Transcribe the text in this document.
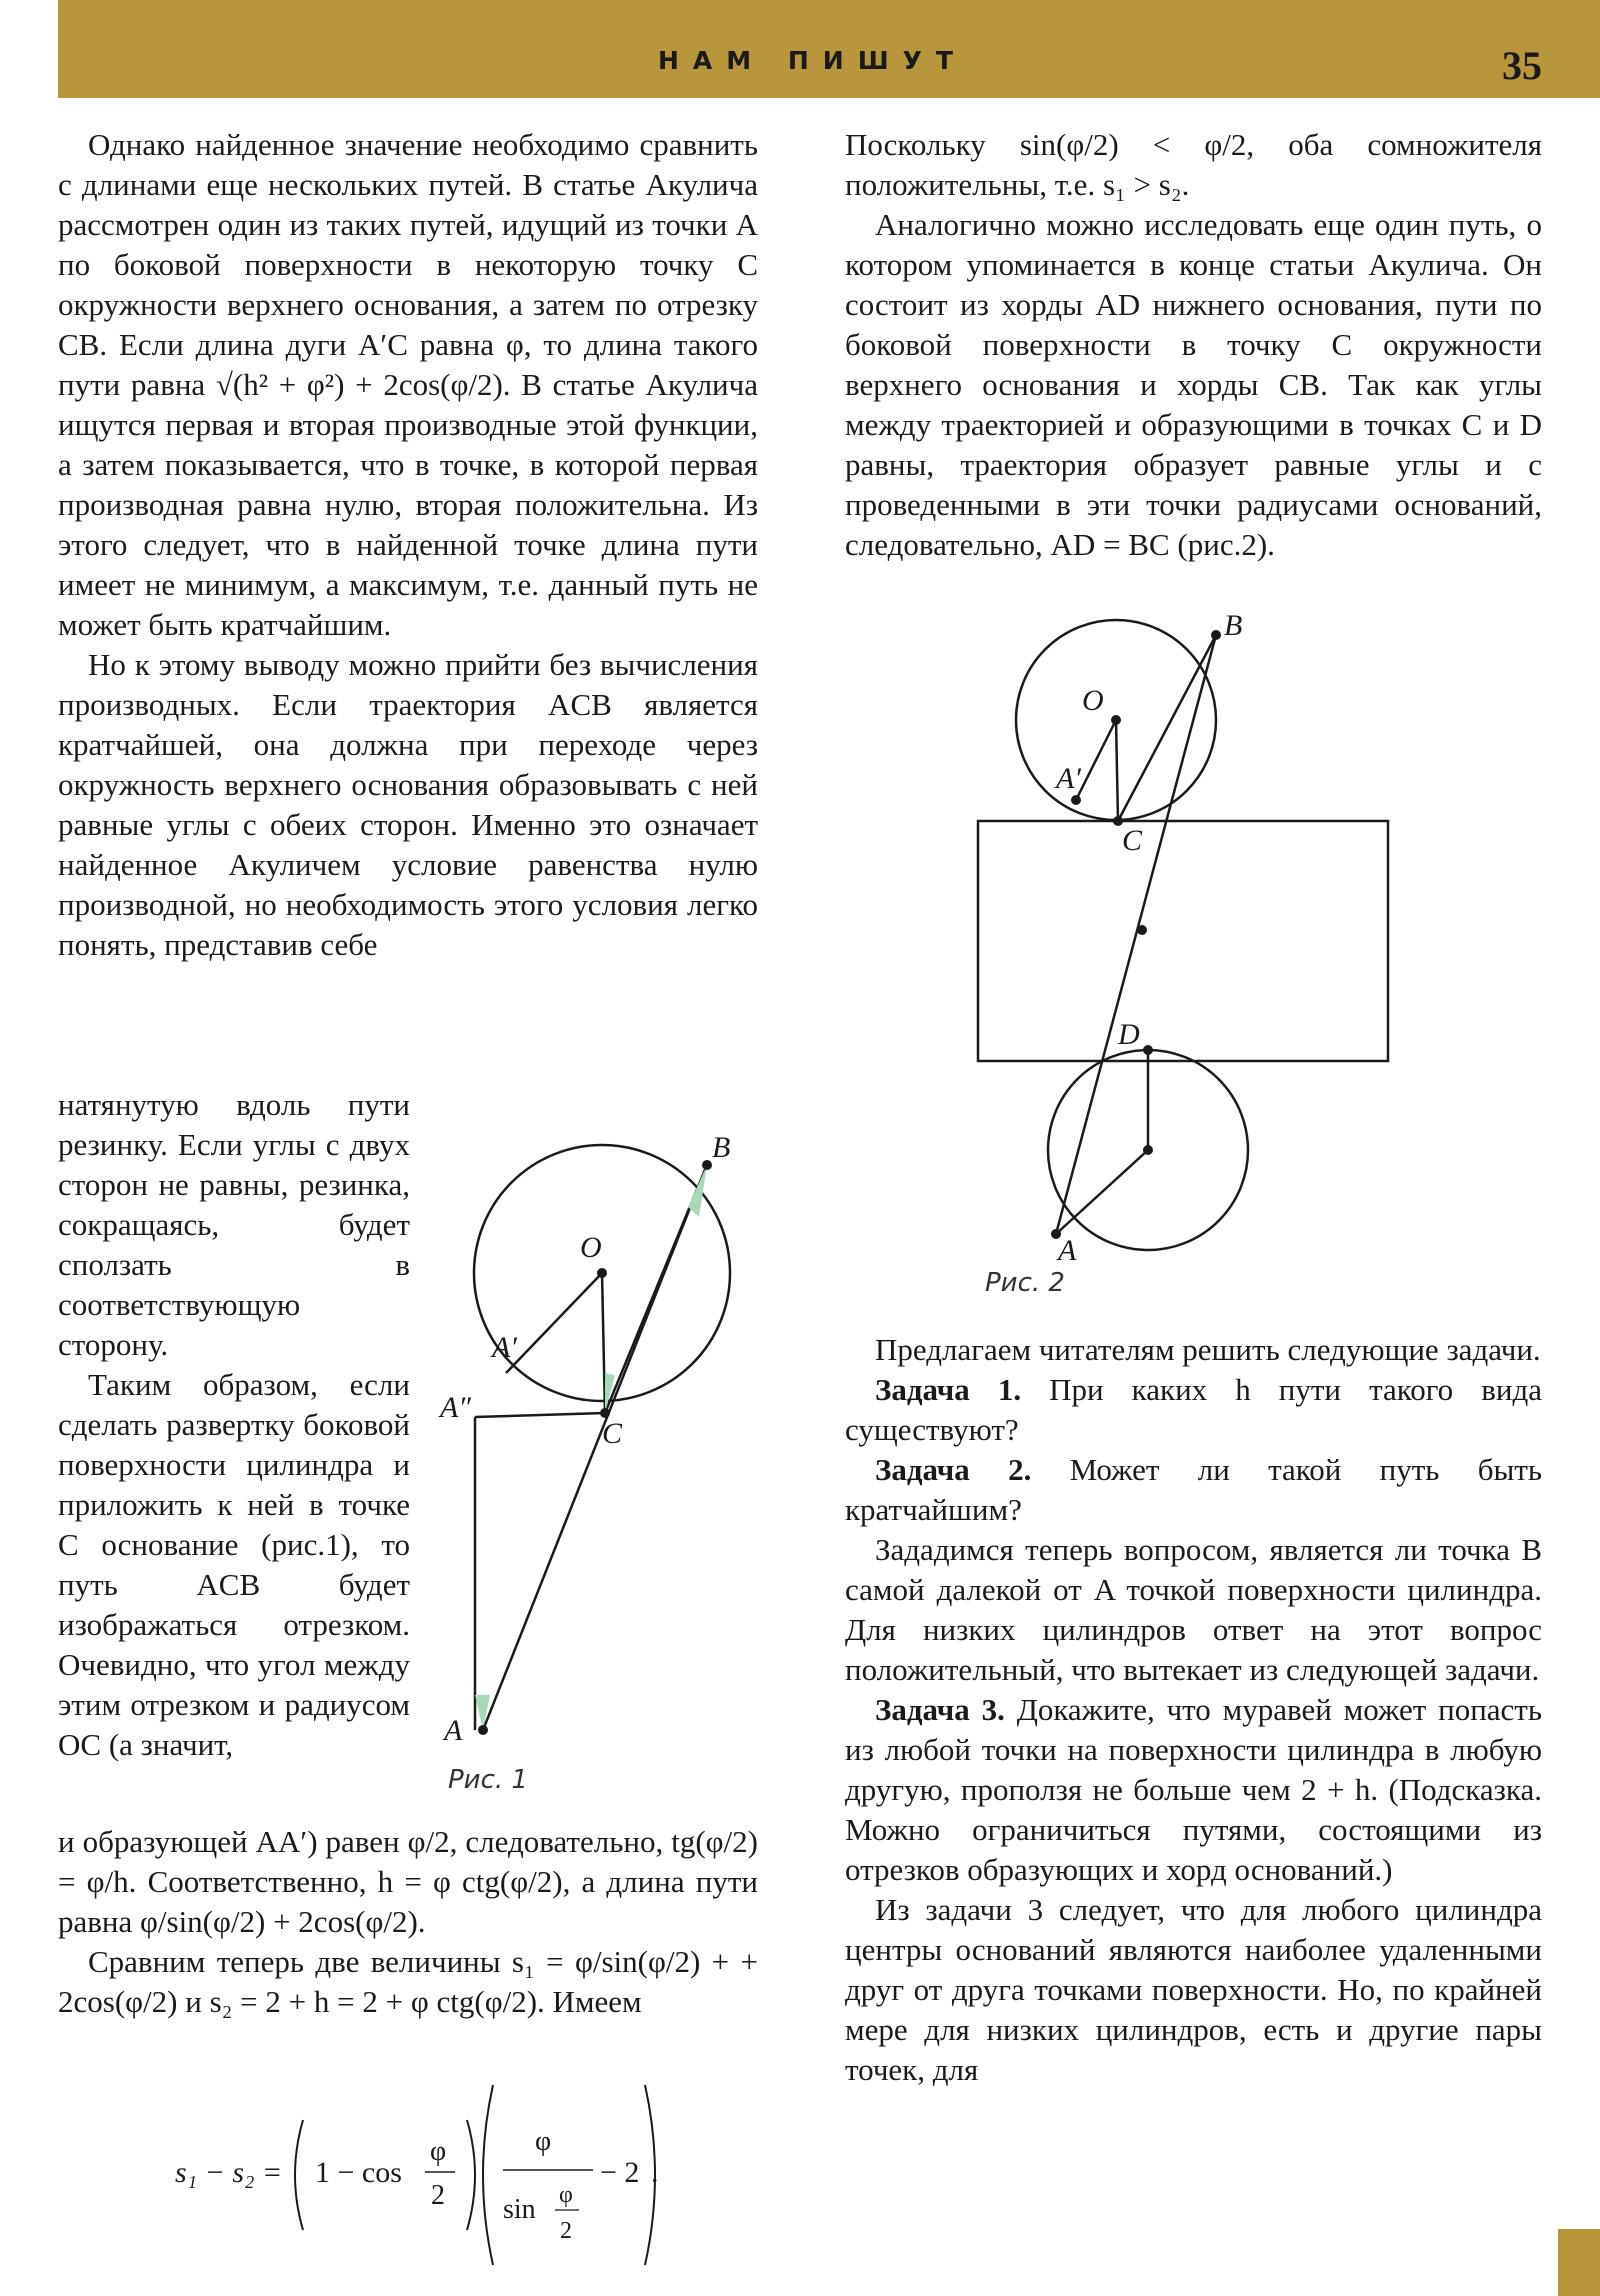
НАМ ПИШУТ	35

Однако найденное значение необходимо сравнить с длинами еще нескольких путей. В статье Акулича рассмотрен один из таких путей, идущий из точки A по боковой поверхности в некоторую точку C окружности верхнего основания, а затем по отрезку CB. Если длина дуги A′C равна φ, то длина такого пути равна √(h² + φ²) + 2cos(φ/2). В статье Акулича ищутся первая и вторая производные этой функции, а затем показывается, что в точке, в которой первая производная равна нулю, вторая положительна. Из этого следует, что в найденной точке длина пути имеет не минимум, а максимум, т.е. данный путь не может быть кратчайшим.

Но к этому выводу можно прийти без вычисления производных. Если траектория ACB является кратчайшей, она должна при переходе через окружность верхнего основания образовывать с ней равные углы с обеих сторон. Именно это означает найденное Акуличем условие равенства нулю производной, но необходимость этого условия легко понять, представив себе

натянутую вдоль пути резинку. Если углы с двух сторон не равны, резинка, сокращаясь, будет сползать в соответствующую сторону.

Таким образом, если сделать развертку боковой поверхности цилиндра и приложить к ней в точке C основание (рис.1), то путь ACB будет изображаться отрезком. Очевидно, что угол между этим отрезком и радиусом OC (а значит,

и образующей AA′) равен φ/2, следовательно, tg(φ/2) = φ/h. Соответственно, h = φ ctg(φ/2), а длина пути равна φ/sin(φ/2) + 2cos(φ/2).

Сравним теперь две величины s₁ = φ/sin(φ/2) + + 2cos(φ/2) и s₂ = 2 + h = 2 + φ ctg(φ/2). Имеем

s₁ − s₂ = 1 − cos
φ
2
φ
sin φ
2
− 2 .
B
O
A′
A″
C
A
Рис. 1

Поскольку sin(φ/2) < φ/2, оба сомножителя положительны, т.е. s₁ > s₂.

Аналогично можно исследовать еще один путь, о котором упоминается в конце статьи Акулича. Он состоит из хорды AD нижнего основания, пути по боковой поверхности в точку C окружности верхнего основания и хорды CB. Так как углы между траекторией и образующими в точках C и D равны, траектория образует равные углы и с проведенными в эти точки радиусами оснований, следовательно, AD = BC (рис.2).

B
O
A′
C
D
A
Рис. 2

Предлагаем читателям решить следующие задачи.

Задача 1. При каких h пути такого вида существуют?

Задача 2. Может ли такой путь быть кратчайшим?

Зададимся теперь вопросом, является ли точка B самой далекой от A точкой поверхности цилиндра. Для низких цилиндров ответ на этот вопрос положительный, что вытекает из следующей задачи.

Задача 3. Докажите, что муравей может попасть из любой точки на поверхности цилиндра в любую другую, проползя не больше чем 2 + h. (Подсказка. Можно ограничиться путями, состоящими из отрезков образующих и хорд оснований.)

Из задачи 3 следует, что для любого цилиндра центры оснований являются наиболее удаленными друг от друга точками поверхности. Но, по крайней мере для низких цилиндров, есть и другие пары точек, для
